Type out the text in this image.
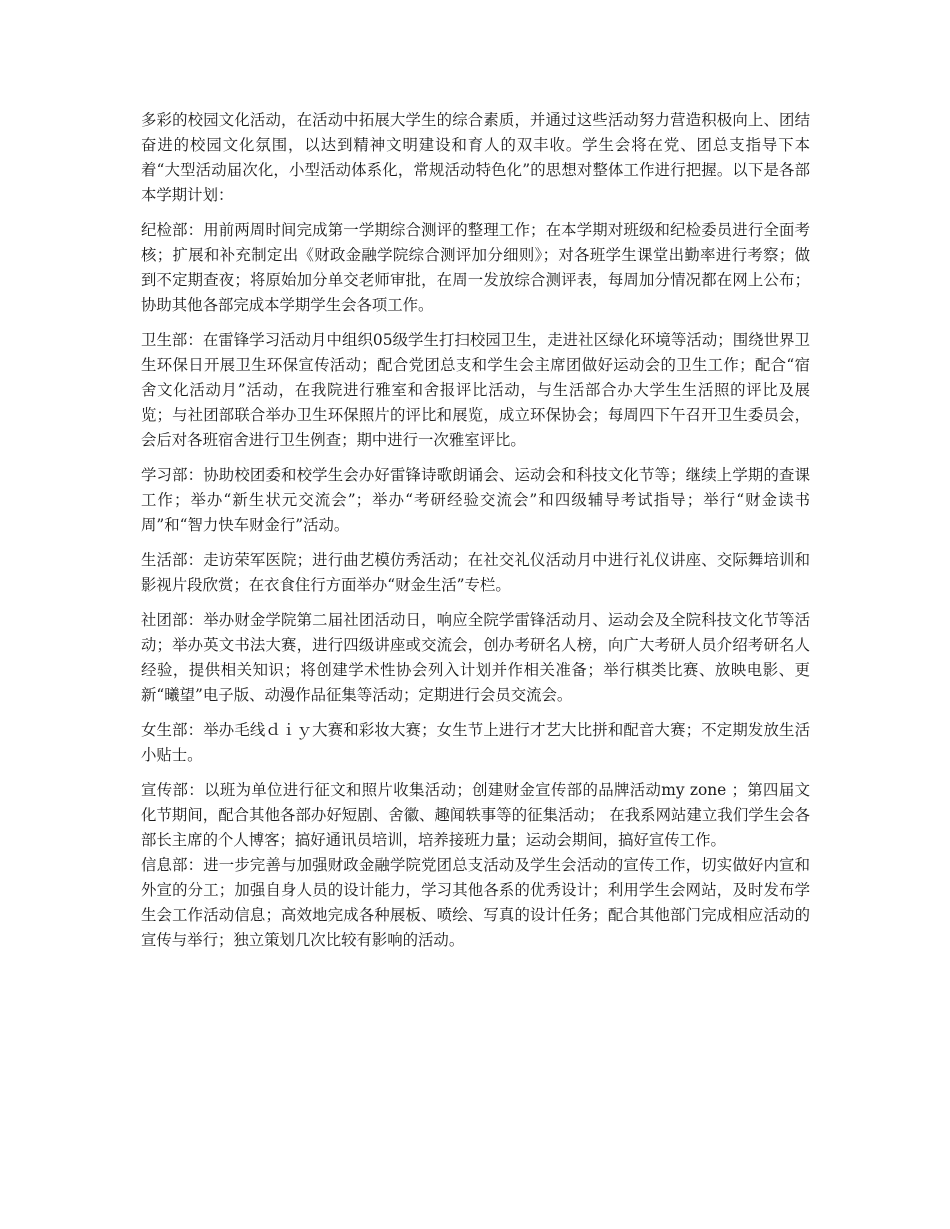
多彩的校园文化活动，在活动中拓展大学生的综合素质，并通过这些活动努力营造积极向上、团结奋进的校园文化氛围，以达到精神文明建设和育人的双丰收。学生会将在党、团总支指导下本着“大型活动届次化，小型活动体系化，常规活动特色化”的思想对整体工作进行把握。以下是各部本学期计划：

纪检部：用前两周时间完成第一学期综合测评的整理工作；在本学期对班级和纪检委员进行全面考核；扩展和补充制定出《财政金融学院综合测评加分细则》；对各班学生课堂出勤率进行考察；做到不定期查夜；将原始加分单交老师审批，在周一发放综合测评表，每周加分情况都在网上公布；协助其他各部完成本学期学生会各项工作。

卫生部：在雷锋学习活动月中组织05级学生打扫校园卫生，走进社区绿化环境等活动；围绕世界卫生环保日开展卫生环保宣传活动；配合党团总支和学生会主席团做好运动会的卫生工作；配合“宿舍文化活动月”活动，在我院进行雅室和舍报评比活动，与生活部合办大学生生活照的评比及展览；与社团部联合举办卫生环保照片的评比和展览，成立环保协会；每周四下午召开卫生委员会，会后对各班宿舍进行卫生例查；期中进行一次雅室评比。

学习部：协助校团委和校学生会办好雷锋诗歌朗诵会、运动会和科技文化节等；继续上学期的查课工作；举办“新生状元交流会”；举办“考研经验交流会”和四级辅导考试指导；举行“财金读书周”和“智力快车财金行”活动。

生活部：走访荣军医院；进行曲艺模仿秀活动；在社交礼仪活动月中进行礼仪讲座、交际舞培训和影视片段欣赏；在衣食住行方面举办“财金生活”专栏。

社团部：举办财金学院第二届社团活动日，响应全院学雷锋活动月、运动会及全院科技文化节等活动；举办英文书法大赛，进行四级讲座或交流会，创办考研名人榜，向广大考研人员介绍考研名人经验，提供相关知识；将创建学术性协会列入计划并作相关准备；举行棋类比赛、放映电影、更新“曦望”电子版、动漫作品征集等活动；定期进行会员交流会。

女生部：举办毛线ｄｉｙ大赛和彩妆大赛；女生节上进行才艺大比拼和配音大赛；不定期发放生活小贴士。

宣传部：以班为单位进行征文和照片收集活动；创建财金宣传部的品牌活动my zone ；第四届文化节期间，配合其他各部办好短剧、舍徽、趣闻轶事等的征集活动； 在我系网站建立我们学生会各部长主席的个人博客；搞好通讯员培训，培养接班力量；运动会期间，搞好宣传工作。

信息部：进一步完善与加强财政金融学院党团总支活动及学生会活动的宣传工作，切实做好内宣和外宣的分工；加强自身人员的设计能力，学习其他各系的优秀设计；利用学生会网站，及时发布学生会工作活动信息；高效地完成各种展板、喷绘、写真的设计任务；配合其他部门完成相应活动的宣传与举行；独立策划几次比较有影响的活动。
